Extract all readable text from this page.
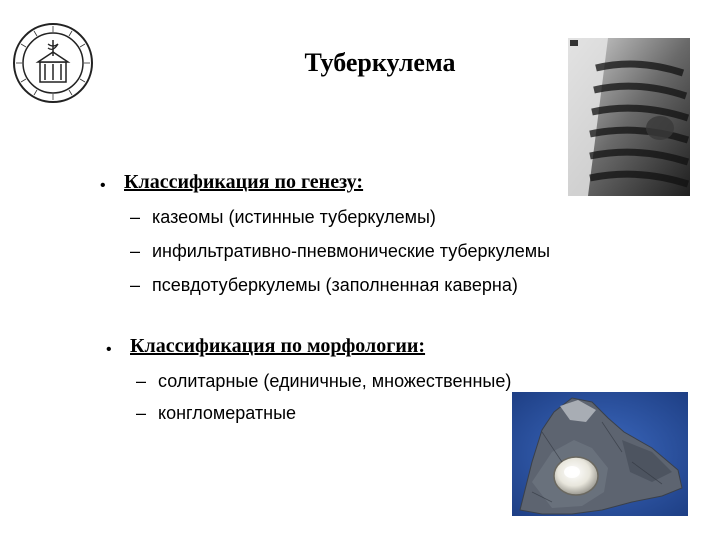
Туберкулема
• Классификация по генезу:
– казеомы (истинные туберкулемы)
– инфильтративно-пневмонические туберкулемы
– псевдотуберкулемы (заполненная каверна)
• Классификация по морфологии:
– солитарные (единичные, множественные)
– конгломератные
